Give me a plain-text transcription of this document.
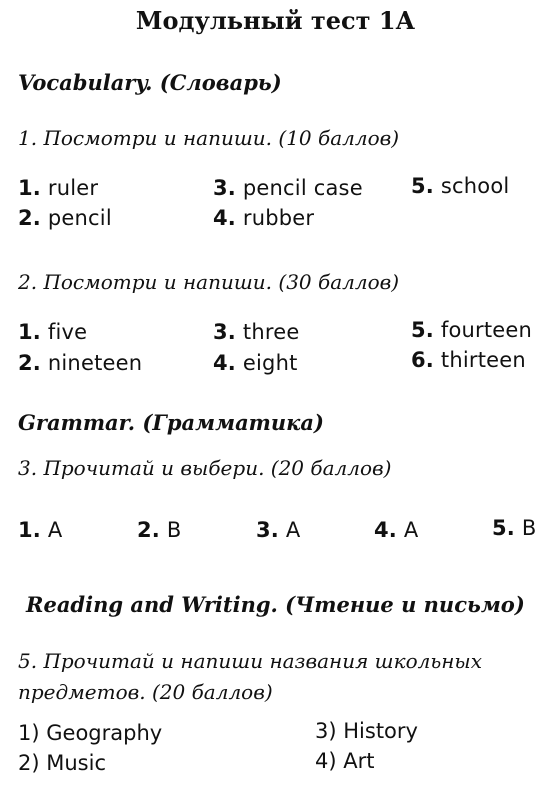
Модульный тест 1А
Vocabulary. (Словарь)
1. Посмотри и напиши. (10 баллов)
1. ruler
2. pencil
3. pencil case
4. rubber
5. school
2. Посмотри и напиши. (30 баллов)
1. five
2. nineteen
3. three
4. eight
5. fourteen
6. thirteen
Grammar. (Грамматика)
3. Прочитай и выбери. (20 баллов)
1. A	2. B	3. A	4. A	5. B
Reading and Writing. (Чтение и письмо)
5. Прочитай и напиши названия школьных предметов. (20 баллов)
1) Geography
2) Music
3) History
4) Art
